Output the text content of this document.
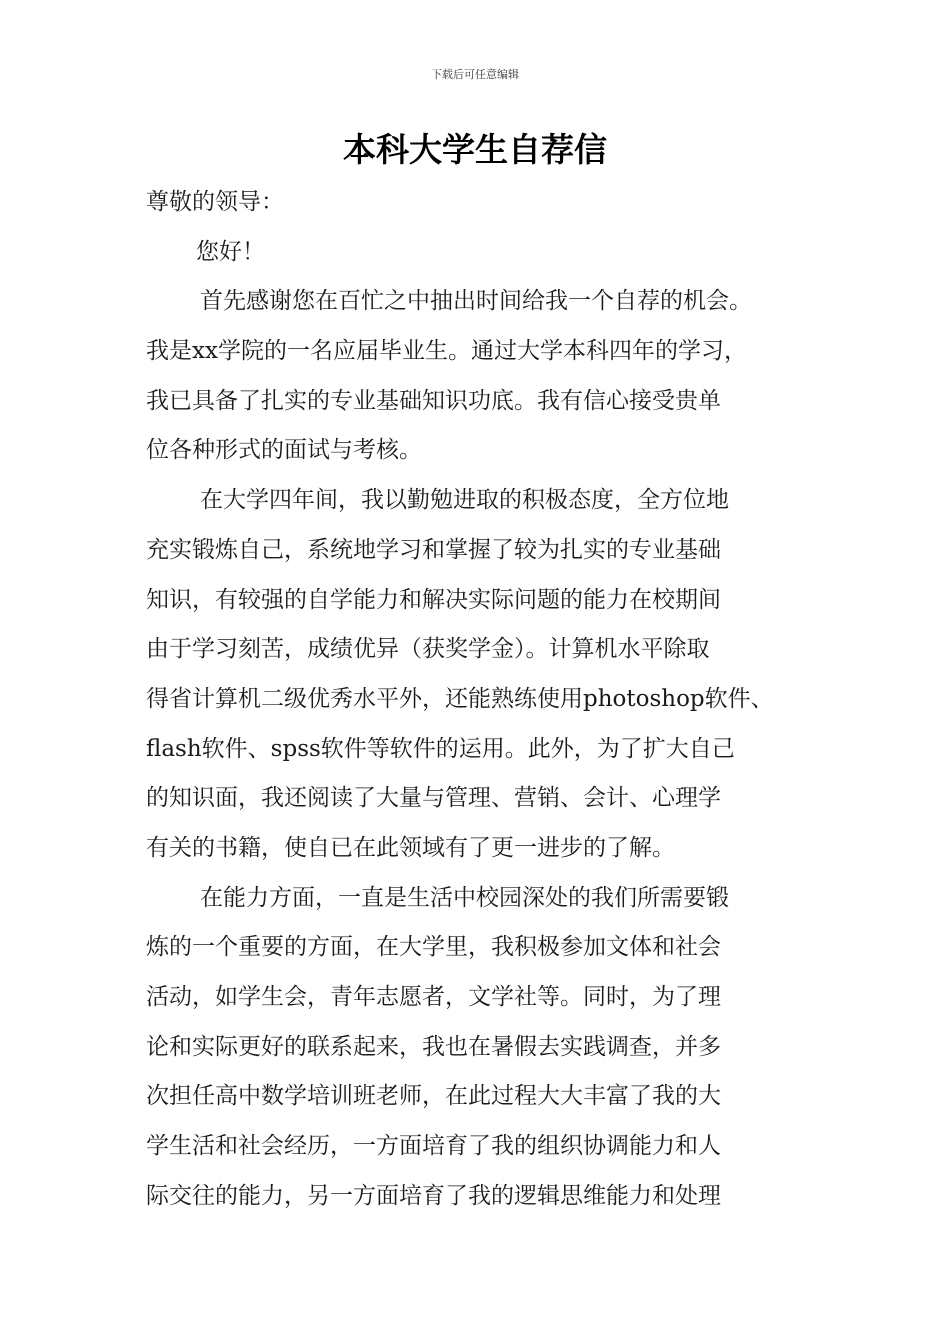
下载后可任意编辑
本科大学生自荐信
尊敬的领导：
您好！
首先感谢您在百忙之中抽出时间给我一个自荐的机会。
我是xx学院的一名应届毕业生。通过大学本科四年的学习，
我已具备了扎实的专业基础知识功底。我有信心接受贵单
位各种形式的面试与考核。
在大学四年间，我以勤勉进取的积极态度，全方位地
充实锻炼自己，系统地学习和掌握了较为扎实的专业基础
知识，有较强的自学能力和解决实际问题的能力在校期间
由于学习刻苦，成绩优异（获奖学金）。计算机水平除取
得省计算机二级优秀水平外，还能熟练使用photoshop软件、
flash软件、spss软件等软件的运用。此外，为了扩大自己
的知识面，我还阅读了大量与管理、营销、会计、心理学
有关的书籍，使自已在此领域有了更一进步的了解。
在能力方面，一直是生活中校园深处的我们所需要锻
炼的一个重要的方面，在大学里，我积极参加文体和社会
活动，如学生会，青年志愿者，文学社等。同时，为了理
论和实际更好的联系起来，我也在暑假去实践调查，并多
次担任高中数学培训班老师，在此过程大大丰富了我的大
学生活和社会经历，一方面培育了我的组织协调能力和人
际交往的能力，另一方面培育了我的逻辑思维能力和处理
